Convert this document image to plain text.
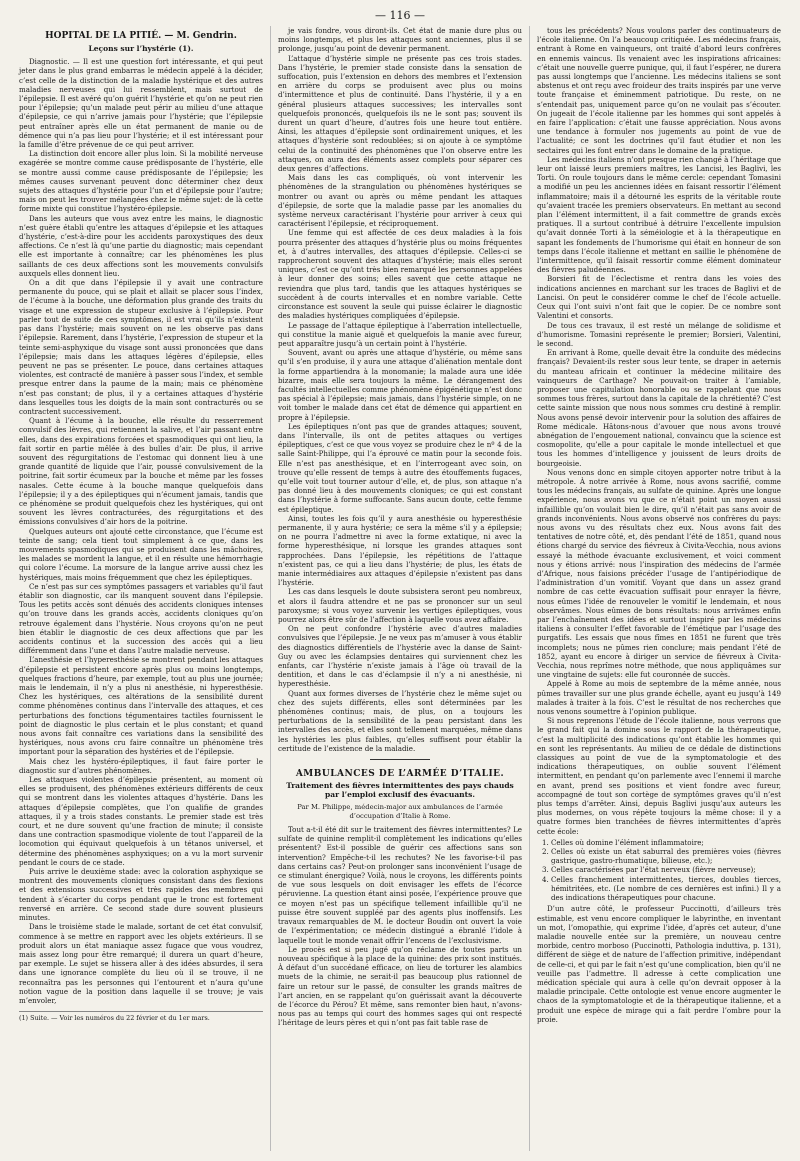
— 116 —
HOPITAL DE LA PITIÉ. — M. Gendrin.
Leçons sur l’hystérie (1).

Diagnostic. — Il est une question fort intéressante, et qui peut jeter dans le plus grand embarras le médecin appelé à la décider, c’est celle de la distinction de la maladie hystérique et des autres maladies nerveuses qui lui ressemblent, mais surtout de l’épilepsie. Il est avéré qu’on guérit l’hystérie et qu’on ne peut rien pour l’épilepsie; qu’un malade peut périr au milieu d’une attaque d’épilepsie, ce qui n’arrive jamais pour l’hystérie; que l’épilepsie peut entraîner après elle un état permanent de manie ou de démence qui n’a pas lieu pour l’hystérie; et il est intéressant pour la famille d’être prévenue de ce qui peut arriver.

La distinction doit encore aller plus loin. Si la mobilité nerveuse exagérée se montre comme cause prédisposante de l’hystérie, elle se montre aussi comme cause prédisposante de l’épilepsie; les mêmes causes survenant peuvent donc déterminer chez deux sujets des attaques d’hystérie pour l’un et d’épilepsie pour l’autre; mais on peut les trouver mélangées chez le même sujet: de là cette forme mixte qui constitue l’hystéro-épilepsie.

Dans les auteurs que vous avez entre les mains, le diagnostic n’est guère établi qu’entre les attaques d’épilepsie et les attaques d’hystérie, c’est-à-dire pour les accidents paroxystiques des deux affections. Ce n’est là qu’une partie du diagnostic; mais cependant elle est importante à connaître; car les phénomènes les plus saillants de ces deux affections sont les mouvements convulsifs auxquels elles donnent lieu.

On a dit que dans l’épilepsie il y avait une contracture permanente du pouce, qui se plait et allait se placer sous l’index, de l’écume à la bouche, une déformation plus grande des traits du visage et une expression de stupeur exclusive à l’épilepsie. Pour parler tout de suite de ces symptômes, il est vrai qu’ils n’existent pas dans l’hystérie; mais souvent on ne les observe pas dans l’épilepsie. Rarement, dans l’hystérie, l’expression de stupeur et la teinte semi-asphyxique du visage sont aussi prononcées que dans l’épilepsie; mais dans les attaques légères d’épilepsie, elles peuvent ne pas se présenter. Le pouce, dans certaines attaques violentes, est contracté de manière à passer sous l’index, et semble presque entrer dans la paume de la main; mais ce phénomène n’est pas constant; de plus, il y a certaines attaques d’hystérie dans lesquelles tous les doigts de la main sont contracturés ou se contractent successivement.

Quant à l’écume à la bouche, elle résulte du resserrement convulsif des lèvres, qui retiennent la salive, et l’air passant entre elles, dans des expirations forcées et spasmodiques qui ont lieu, la fait sortir en partie mêlée à des bulles d’air. De plus, il arrive souvent des régurgitations de l’estomac qui donnent lieu à une grande quantité de liquide que l’air, poussé convulsivement de la poitrine, fait sortir écumeux par la bouche et même par les fosses nasales. Cette écume à la bouche manque quelquefois dans l’épilepsie; il y a des épileptiques qui n’écument jamais, tandis que ce phénomène se produit quelquefois chez les hystériques, qui ont souvent les lèvres contracturées, des régurgitations et des émissions convulsives d’air hors de la poitrine.

Quelques auteurs ont ajouté cette circonstance, que l’écume est teinte de sang; cela tient tout simplement à ce que, dans les mouvements spasmodiques qui se produisent dans les mâchoires, les malades se mordent la langue, et il en résulte une hémorrhagie qui colore l’écume. La morsure de la langue arrive aussi chez les hystériques, mais moins fréquemment que chez les épileptiques.

Ce n’est pas sur ces symptômes passagers et variables qu’il faut établir son diagnostic, car ils manquent souvent dans l’épilepsie. Tous les petits accès sont dénués des accidents cloniques intenses qu’on trouve dans les grands accès, accidents cloniques qu’on retrouve également dans l’hystérie. Nous croyons qu’on ne peut bien établir le diagnostic de ces deux affections que par les accidents continus et la succession des accès qui a lieu différemment dans l’une et dans l’autre maladie nerveuse.

L’anesthésie et l’hyperesthésie se montrent pendant les attaques d’épilepsie et persistent encore après plus ou moins longtemps, quelques fractions d’heure, par exemple, tout au plus une journée; mais le lendemain, il n’y a plus ni anesthésie, ni hyperesthésie. Chez les hystériques, ces altérations de la sensibilité durent comme phénomènes continus dans l’intervalle des attaques, et ces perturbations des fonctions tégumentaires tactiles fournissent le point de diagnostic le plus certain et le plus constant; et quand nous avons fait connaître ces variations dans la sensibilité des hystériques, nous avons cru faire connaître un phénomène très important pour la séparation des hystéries et de l’épilepsie.

Mais chez les hystéro-épileptiques, il faut faire porter le diagnostic sur d’autres phénomènes.

Les attaques violentes d’épilepsie présentent, au moment où elles se produisent, des phénomènes extérieurs différents de ceux qui se montrent dans les violentes attaques d’hystérie. Dans les attaques d’épilepsie complètes, que l’on qualifie de grandes attaques, il y a trois stades constants. Le premier stade est très court, et ne dure souvent qu’une fraction de minute; il consiste dans une contraction spasmodique violente de tout l’appareil de la locomotion qui équivaut quelquefois à un tétanos universel, et détermine des phénomènes asphyxiques; on a vu la mort survenir pendant le cours de ce stade.

Puis arrive le deuxième stade: avec la coloration asphyxique se montrent des mouvements cloniques consistant dans des flexions et des extensions successives et très rapides des membres qui tendent à s’écarter du corps pendant que le tronc est fortement renversé en arrière. Ce second stade dure souvent plusieurs minutes.

Dans le troisième stade le malade, sortant de cet état convulsif, commence à se mettre en rapport avec les objets extérieurs. Il se produit alors un état maniaque assez fugace que vous voudrez, mais assez long pour être remarqué; il durera un quart d’heure, par exemple. Le sujet se hissera aller à des idées absurdes, il sera dans une ignorance complète du lieu où il se trouve, il ne reconnaîtra pas les personnes qui l’entourent et n’aura qu’une notion vague de la position dans laquelle il se trouve; je vais m’envoler,

(1) Suite. — Voir les numéros du 22 février et du 1er mars.

je vais fondre, vous diront-ils. Cet état de manie dure plus ou moins longtemps, et plus les attaques sont anciennes, plus il se prolonge, jusqu’au point de devenir permanent.

L’attaque d’hystérie simple ne présente pas ces trois stades. Dans l’hystérie, le premier stade consiste dans la sensation de suffocation, puis l’extension en dehors des membres et l’extension en arrière du corps se produisent avec plus ou moins d’intermittence et plus de continuité. Dans l’hystérie, il y a en général plusieurs attaques successives; les intervalles sont quelquefois prononcés, quelquefois ils ne le sont pas; souvent ils durent un quart d’heure, d’autres fois une heure tout entière. Ainsi, les attaques d’épilepsie sont ordinairement uniques, et les attaques d’hystérie sont redoublées; si on ajoute à ce symptôme celui de la continuité des phénomènes que l’on observe entre les attaques, on aura des éléments assez complets pour séparer ces deux genres d’affections.

Mais dans les cas compliqués, où vont intervenir les phénomènes de la strangulation ou phénomènes hystériques se montrer ou avant ou après ou même pendant les attaques d’épilepsie, de sorte que la maladie passe par les anomalies du système nerveux caractérisant l’hystérie pour arriver à ceux qui caractérisent l’épilepsie, et réciproquement.

Une femme qui est affectée de ces deux maladies à la fois pourra présenter des attaques d’hystérie plus ou moins fréquentes et, à d’autres intervalles, des attaques d’épilepsie. Celles-ci se rapprocheront souvent des attaques d’hystérie; mais elles seront uniques, c’est ce qu’ont très bien remarqué les personnes appelées à leur donner des soins; elles savent que cette attaque ne reviendra que plus tard, tandis que les attaques hystériques se succèdent à de courts intervalles et en nombre variable. Cette circonstance est souvent la seule qui puisse éclairer le diagnostic des maladies hystériques compliquées d’épilepsie.

Le passage de l’attaque épileptique à l’aberration intellectuelle, qui constitue la manie aiguë et quelquefois la manie avec fureur, peut apparaître jusqu’à un certain point à l’hystérie.

Souvent, avant ou après une attaque d’hystérie, ou même sans qu’il s’en produise, il y aura une attaque d’aliénation mentale dont la forme appartiendra à la monomanie; la malade aura une idée bizarre, mais elle sera toujours la même. Le dérangement des facultés intellectuelles comme phénomène épigénétique n’est donc pas spécial à l’épilepsie; mais jamais, dans l’hystérie simple, on ne voit tomber le malade dans cet état de démence qui appartient en propre à l’épilepsie.

Les épileptiques n’ont pas que de grandes attaques; souvent, dans l’intervalle, ils ont de petites attaques ou vertiges épileptiques, c’est ce que vous voyez se produire chez le nº 4 de la salle Saint-Philippe, qui l’a éprouvé ce matin pour la seconde fois. Elle n’est pas anesthésique, et en l’interrogeant avec soin, on trouve qu’elle ressent de temps à autre des étouffements fugaces, qu’elle voit tout tourner autour d’elle, et, de plus, son attaque n’a pas donné lieu à des mouvements cloniques; ce qui est constant dans l’hystérie à forme suffocante. Sans aucun doute, cette femme est épileptique.

Ainsi, toutes les fois qu’il y aura anesthésie ou hyperesthésie permanente, il y aura hystérie; ce sera la même s’il y a épilepsie; on ne pourra l’admettre ni avec la forme extatique, ni avec la forme hyperesthésique, ni lorsque les grandes attaques sont rapprochées. Dans l’épilepsie, les répétitions de l’attaque n’existent pas, ce qui a lieu dans l’hystérie; de plus, les états de manie intermédiaires aux attaques d’épilepsie n’existent pas dans l’hystérie.

Les cas dans lesquels le doute subsistera seront peu nombreux, et alors il faudra attendre et ne pas se prononcer sur un seul paroxysme; si vous voyez survenir les vertiges épileptiques, vous pourrez alors être sûr de l’affection à laquelle vous avez affaire.

On ne peut confondre l’hystérie avec d’autres maladies convulsives que l’épilepsie. Je ne veux pas m’amuser à vous établir des diagnostics différentiels de l’hystérie avec la danse de Saint-Guy ou avec les éclampsies dentaires qui surviennent chez les enfants, car l’hystérie n’existe jamais à l’âge où travail de la dentition, et dans le cas d’éclampsie il n’y a ni anesthésie, ni hyperesthésie.

Quant aux formes diverses de l’hystérie chez le même sujet ou chez des sujets différents, elles sont déterminées par les phénomènes continus; mais, de plus, on a toujours les perturbations de la sensibilité de la peau persistant dans les intervalles des accès, et elles sont tellement marquées, même dans les hystéries les plus faibles, qu’elles suffisent pour établir la certitude de l’existence de la maladie.

AMBULANCES DE L’ARMÉE D’ITALIE.
Traitement des fièvres intermittentes des pays chauds par l’emploi exclusif des évacuants.
Par M. Philippe, médecin-major aux ambulances de l’armée d’occupation d’Italie à Rome.

Tout a-t-il été dit sur le traitement des fièvres intermittentes? Le sulfate de quinine remplit-il complètement les indications qu’elles présentent? Est-il possible de guérir ces affections sans son intervention? Empêche-t-il les rechutes? Ne les favorise-t-il pas dans certains cas? Peut-on prolonger sans inconvénient l’usage de ce stimulant énergique? Voilà, nous le croyons, les différents points de vue sous lesquels on doit envisager les effets de l’écorce péruvienne. La question étant ainsi posée, l’expérience prouve que ce moyen n’est pas un spécifique tellement infaillible qu’il ne puisse être souvent suppléé par des agents plus inoffensifs. Les travaux remarquables de M. le docteur Boudin ont ouvert la voie de l’expérimentation; ce médecin distingué a ébranlé l’idole à laquelle tout le monde venait offrir l’encens de l’exclusivisme.

Le procès est si peu jugé qu’on réclame de toutes parts un nouveau spécifique à la place de la quinine: des prix sont institués. À défaut d’un succédané efficace, on lieu de torturer les alambics muets de la chimie, ne serait-il pas beaucoup plus rationnel de faire un retour sur le passé, de consulter les grands maîtres de l’art ancien, en se rappelant qu’on guérissait avant la découverte de l’écorce du Pérou? Et même, sans remonter bien haut, n’avons-nous pas au temps qui court des hommes sages qui ont respecté l’héritage de leurs pères et qui n’ont pas fait table rase de

tous les précédents? Nous voulons parler des continuateurs de l’école italienne. On l’a beaucoup critiquée. Les médecins français, entrant à Rome en vainqueurs, ont traité d’abord leurs confrères en ennemis vaincus. Ils venaient avec les inspirations africaines: c’était une nouvelle guerre punique, qui, il faut l’espérer, ne durera pas aussi longtemps que l’ancienne. Les médecins italiens se sont abstenus et ont reçu avec froideur des traits inspirés par une verve toute française et éminemment patriotique. Du reste, on ne s’entendait pas, uniquement parce qu’on ne voulait pas s’écouter. On jugeait de l’école italienne par les hommes qui sont appelés à en faire l’application: c’était une fausse appréciation. Nous avons une tendance à formuler nos jugements au point de vue de l’actualité; ce sont les doctrines qu’il faut étudier et non les sectaires qui les font entrer dans le domaine de la pratique.

Les médecins italiens n’ont presque rien changé à l’héritage que leur ont laissé leurs premiers maîtres, les Lancisi, les Baglivi, les Torti. On roule toujours dans le même cercle: cependant Tomasini a modifié un peu les anciennes idées en faisant ressortir l’élément inflammatoire; mais il a détourné les esprits de la véritable route qu’avaient tracée les premiers observateurs. En mettant au second plan l’élément intermittent, il a fait commettre de grands excès pratiques. Il a surtout contribué à détruire l’excellente impulsion qu’avait donnée Torti à la séméiologie et à la thérapeutique en sapant les fondements de l’humorisme qui était en honneur de son temps dans l’école italienne et mettant en saillie le phénomène de l’intermittence, qu’il faisait ressortir comme élément dominateur des fièvres paludéennes.

Borsieri fit de l’éclectisme et rentra dans les voies des indications anciennes en marchant sur les traces de Baglivi et de Lancisi. On peut le considérer comme le chef de l’école actuelle. Ceux qui l’ont suivi n’ont fait que le copier. De ce nombre sont Valentini et consorts.

De tous ces travaux, il est resté un mélange de solidisme et d’humorisme. Tomasini représente le premier; Borsieri, Valentini, le second.

En arrivant à Rome, quelle devait être la conduite des médecins français? Devaient-ils rester sous leur tente, se draper in aeternis du manteau africain et continuer la médecine militaire des vainqueurs de Carthage? Ne pouvait-on traiter à l’amiable, proposer une capitulation honorable ou se rappelant que nous sommes tous frères, surtout dans la capitale de la chrétienté? C’est cette sainte mission que nous nous sommes cru destiné à remplir. Nous avons pensé devoir intervenir pour la solution des affaires de Rome médicale. Hâtons-nous d’avouer que nous avons trouvé abnégation de l’engouement national, convaincu que la science est cosmopolite, qu’elle a pour capitale le monde intellectuel et que tous les hommes d’intelligence y jouissent de leurs droits de bourgeoisie.

Nous venons donc en simple citoyen apporter notre tribut à la métropole. À notre arrivée à Rome, nous avons sacrifié, comme tous les médecins français, au sulfate de quinine. Après une longue expérience, nous avons vu que ce n’était point un moyen aussi infaillible qu’on voulait bien le dire, qu’il n’était pas sans avoir de grands inconvénients. Nous avons observé nos confrères du pays: nous avons vu des résultats chez eux. Nous avons fait des tentatives de notre côté, et, dès pendant l’été de 1851, quand nous étions chargé du service des fiévreux à Civita-Vecchia, nous avions essayé la méthode évacuante exclusivement, et voici comment nous y étions arrivé: nous l’inspiration des médecins de l’armée d’Afrique, nous faisions précéder l’usage de l’antipériodique de l’administration d’un vomitif. Voyant que dans un assez grand nombre de cas cette évacuation suffisait pour enrayer la fièvre, nous eûmes l’idée de renouveler le vomitif le lendemain, et nous observâmes. Nous eûmes de bons résultats: nous arrivâmes enfin par l’enchaînement des idées et surtout inspiré par les médecins italiens à consulter l’effet favorable de l’émétique par l’usage des purgatifs. Les essais que nous fîmes en 1851 ne furent que très incomplets; nous ne pûmes rien conclure; mais pendant l’été de 1852, ayant eu encore à diriger un service de fiévreux à Civita-Vecchia, nous reprîmes notre méthode, que nous appliquâmes sur une vingtaine de sujets: elle fut couronnée de succès.

Appelé à Rome au mois de septembre de la même année, nous pûmes travailler sur une plus grande échelle, ayant eu jusqu’à 149 malades à traiter à la fois. C’est le résultat de nos recherches que nous venons soumettre à l’opinion publique.

Si nous reprenons l’étude de l’école italienne, nous verrons que le grand fait qui la domine sous le rapport de la thérapeutique, c’est la multiplicité des indications qu’ont établie les hommes qui en sont les représentants. Au milieu de ce dédale de distinctions classiques au point de vue de la symptomatologie et des indications thérapeutiques, on oublie souvent l’élément intermittent, en pendant qu’on parlemente avec l’ennemi il marche en avant, prend ses positions et vient fondre avec fureur, accompagné de tout son cortège de symptômes graves qu’il n’est plus temps d’arrêter. Ainsi, depuis Baglivi jusqu’aux auteurs les plus modernes, on vous répète toujours la même chose: il y a quatre formes bien tranchées de fièvres intermittentes d’après cette école:

1. Celles où domine l’élément inflammatoire;
2. Celles où existe un état saburral des premières voies (fièvres gastrique, gastro-rhumatique, bilieuse, etc.);
3. Celles caractérisées par l’état nerveux (fièvre nerveuse);
4. Celles franchement intermittentes, tierces, doubles tierces, hémitritées, etc. (Le nombre de ces dernières est infini.) Il y a des indications thérapeutiques pour chacune.

D’un autre côté, le professeur Puccinotti, d’ailleurs très estimable, est venu encore compliquer le labyrinthe, en inventant un mot, l’omopathie, qui exprime l’idée, d’après cet auteur, d’une maladie nouvelle entée sur la première, un nouveau centre morbide, centro morboso (Puccinotti, Pathologia induttiva, p. 131), différent de siège et de nature de l’affection primitive, indépendant de celle-ci, et qui par le fait n’est qu’une complication, bien qu’il ne veuille pas l’admettre. Il adresse à cette complication une médication spéciale qui aura à celle qu’on devrait opposer à la maladie principale. Cette ontologie est venue encore augmenter le chaos de la symptomatologie et de la thérapeutique italienne, et a produit une espèce de mirage qui a fait perdre l’ombre pour la proie.
